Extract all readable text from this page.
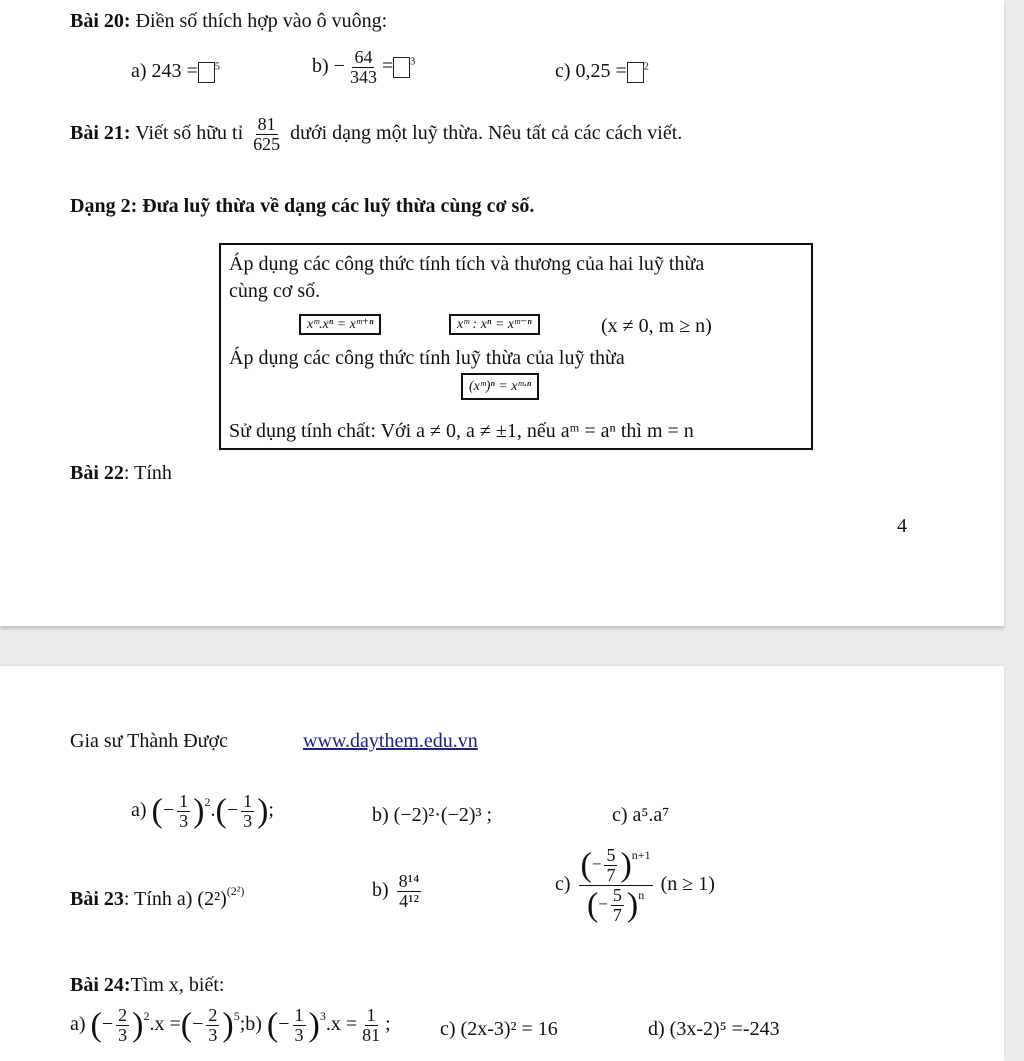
Bài 20: Điền số thích hợp vào ô vuông:
a) 243 = $^5$	$b) - \frac{64}{343} = ^3$	c) 0,25 = $^2$
Bài 21: Viết số hữu tỉ $\frac{81}{625}$ dưới dạng một luỹ thừa. Nêu tất cả các cách viết.
Dạng 2: Đưa luỹ thừa về dạng các luỹ thừa cùng cơ số.
Áp dụng các công thức tính tích và thương của hai luỹ thừa
cùng cơ số.
xᵐ.xⁿ = xᵐ⁺ⁿ	xᵐ : xⁿ = xᵐ⁻ⁿ	(x ≠ 0, m ≥ n)
Áp dụng các công thức tính luỹ thừa của luỹ thừa
(xᵐ)ⁿ = xᵐ·ⁿ
Sử dụng tính chất: Với a ≠ 0, a ≠ ±1, nếu aᵐ = aⁿ thì m = n
Bài 22: Tính
4
Gia sư Thành Được	www.daythem.edu.vn
a) (− $\frac{1}{3} )^2.(- \frac{1}{3}$ );	b) (−2)²·(−2)³ ;	c) a⁵.a⁷
Bài 23: Tính a) $(2^2)^{(2^2)}$	$b) \frac{\text{8¹⁴}}{\text{4¹²}}$	$c) \frac{(- \frac{5}{7} )^{n+1}}{(- \frac{5}{7} )^n} (n \ge 1)$
Bài 24:Tìm x, biết:
a) (− $\frac{2}{3} )^2.x$ =(− $\frac{2}{3}$ )$^5$;b) (− $\frac{1}{3} )^3.x = \frac{1}{81}$ ; c) (2x-3)² = 16	d) (3x-2)⁵ =-243
